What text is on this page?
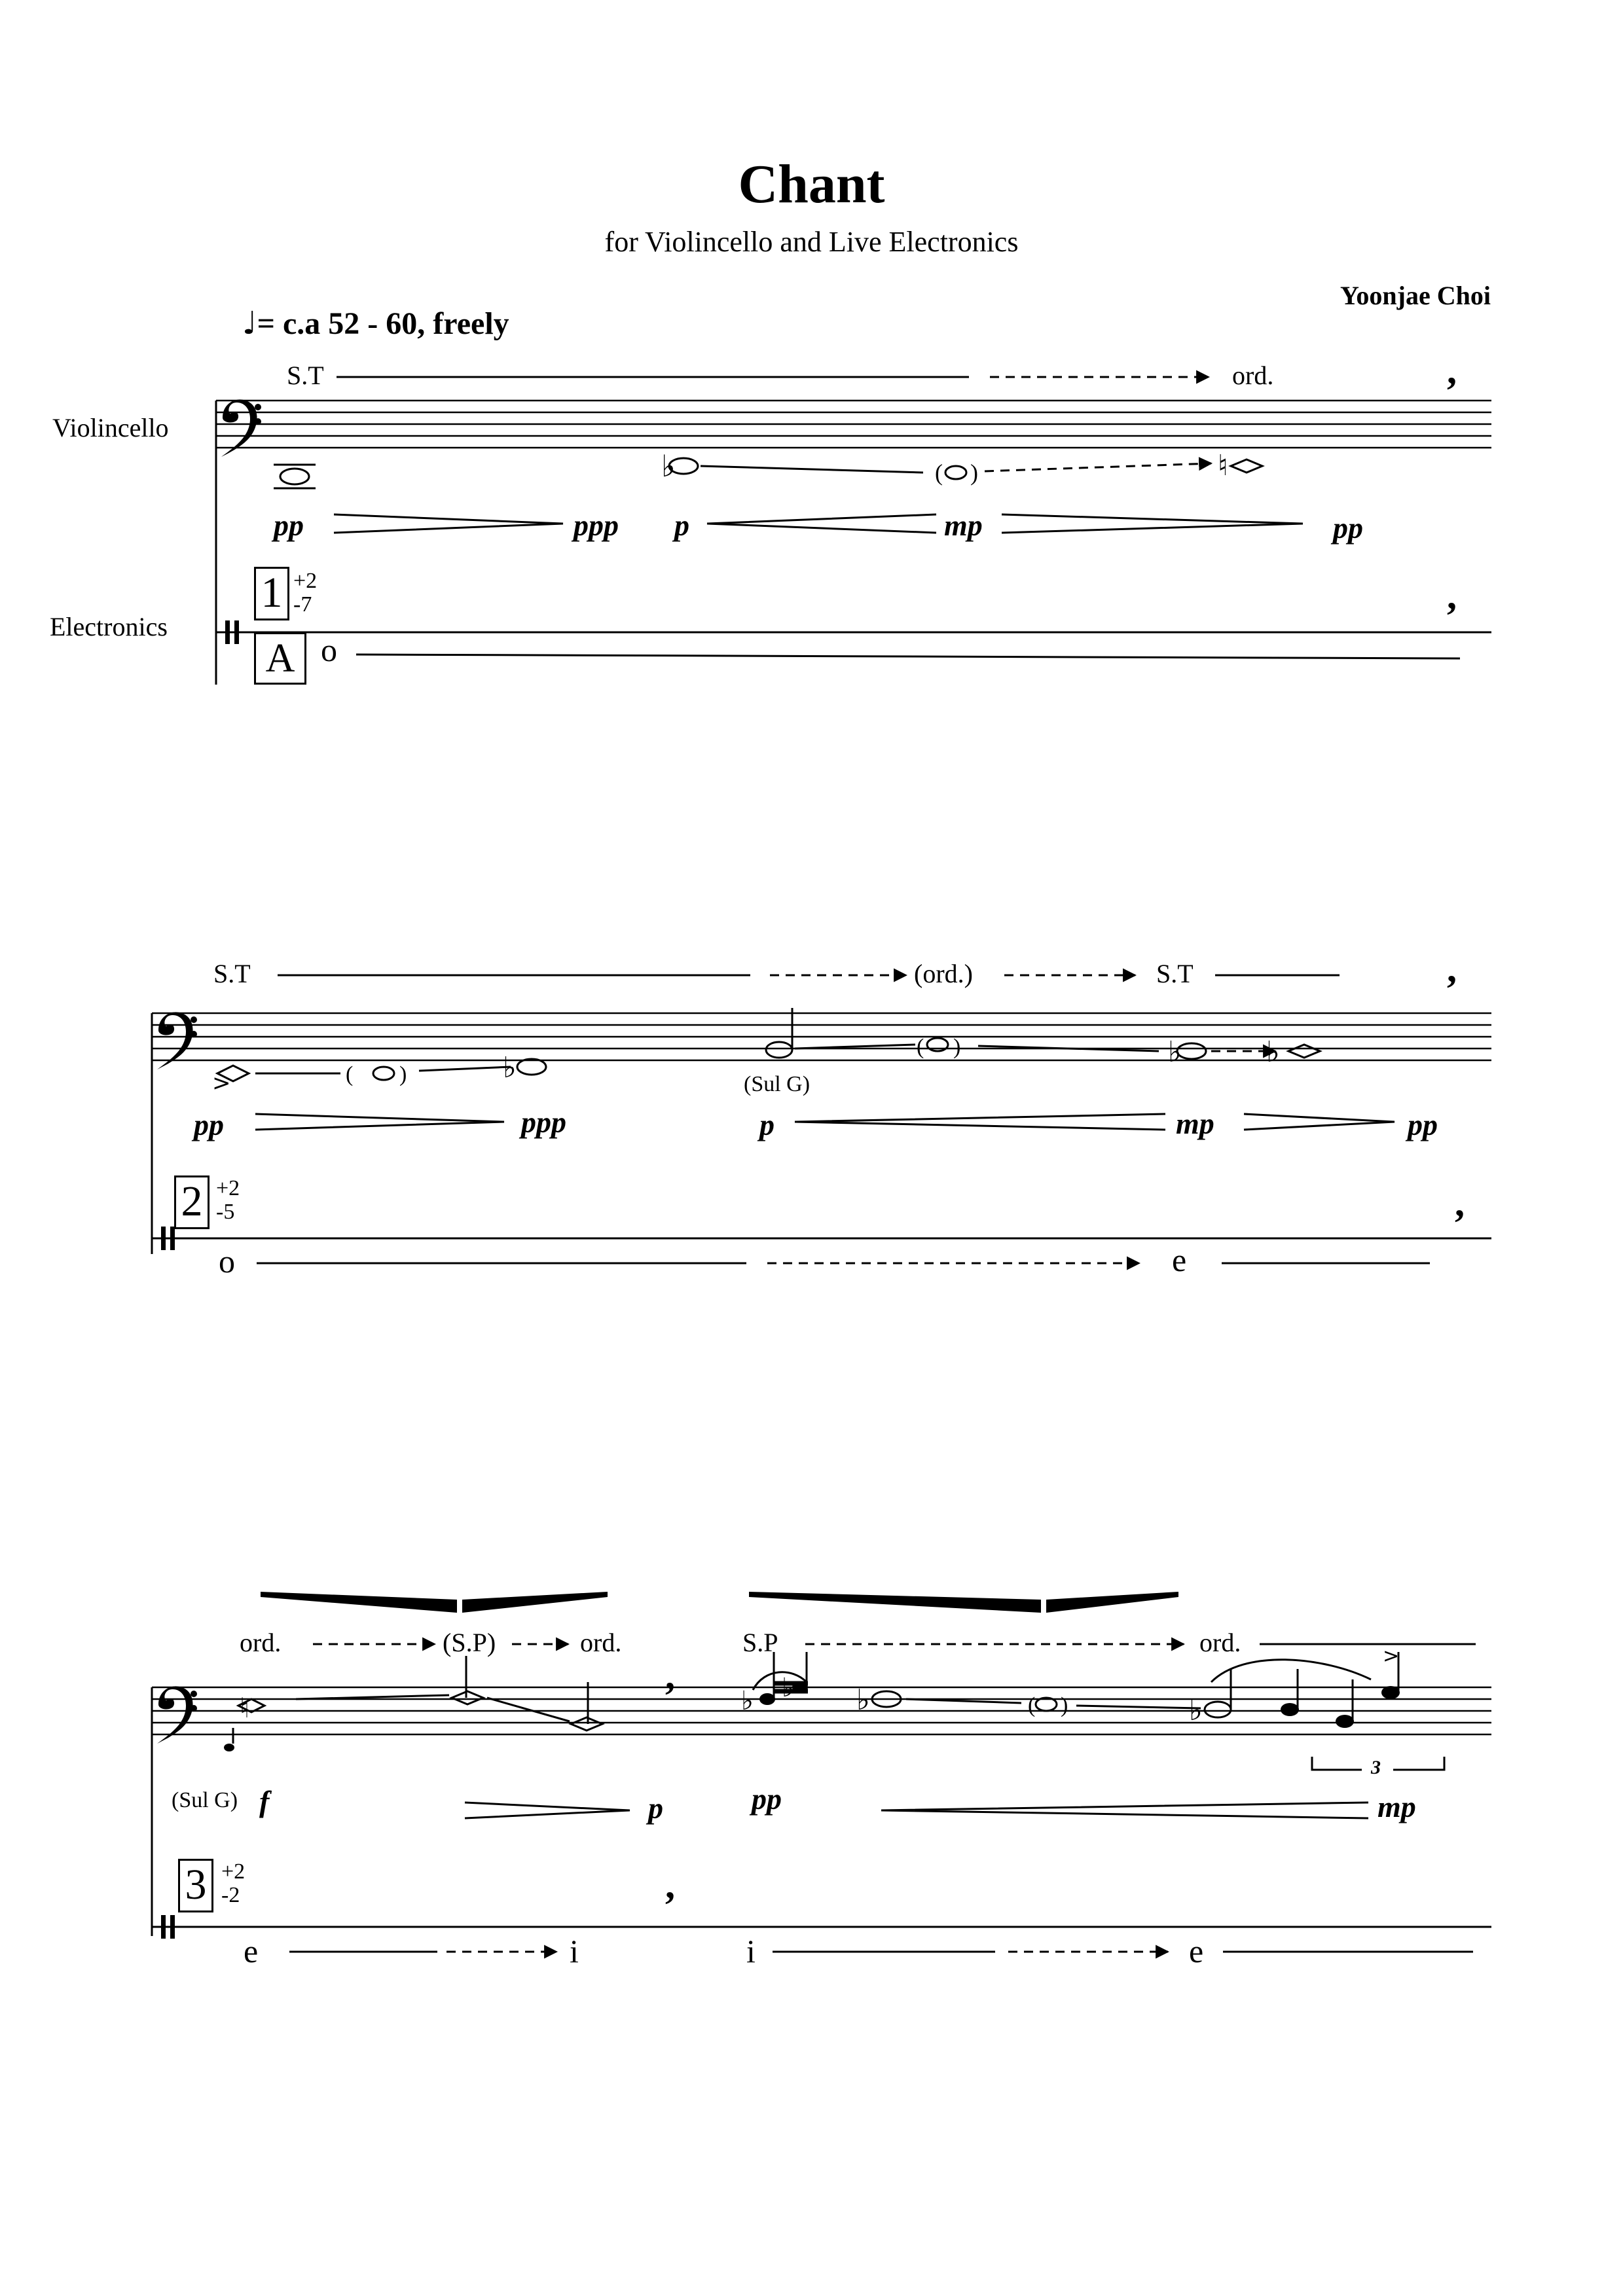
♭	♮
( )
>	( )	♭
( )	♭	♭
>
♮	♭ ♭ ♭	♭
( )
Chant
for Violincello and Live Electronics
Yoonjae Choi
♩= c.a 52 - 60, freely
Violincello
Electronics
S.T	ord.	,
pp	ppp p	mp	pp
1 +2
-7
A
,
o
S.T	(ord.)	S.T	,
(Sul G)
pp	ppp	p	mp	pp
2 +2
-5	,
o	e
ord.	(S.P)	ord.	S.P	ord.
,
(Sul G) f	p	pp	mp
3
3 +2
-2	,
e	i	i	e
